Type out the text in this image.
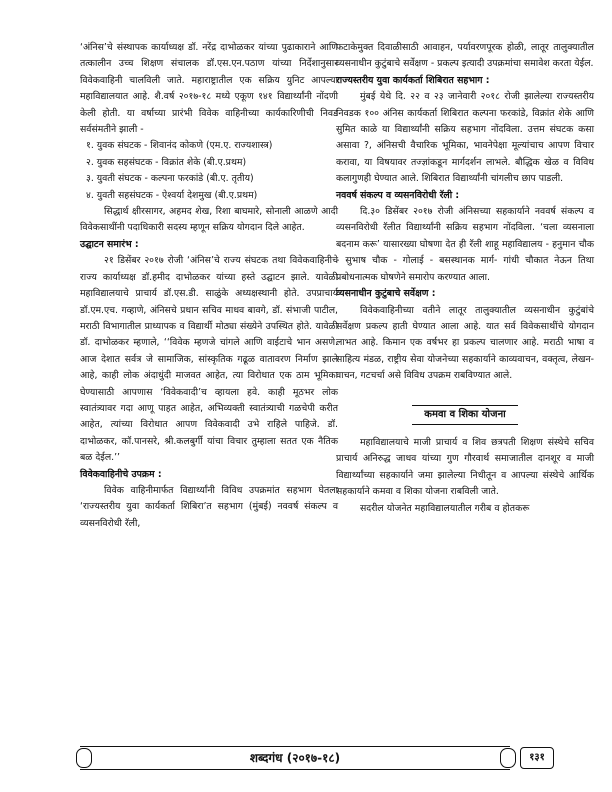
‘अंनिस’चे संस्थापक कार्याध्यक्ष डॉ. नरेंद्र दाभोळकर यांच्या पुढाकाराने आणि तत्कालीन उच्च शिक्षण संचालक डॉ.एस.एन.पठाण यांच्या निर्देशानुसार विवेकवाहिनी चालविली जाते. महाराष्ट्रातील एक सक्रिय युनिट आपल्या महाविद्यालयात आहे. शै.वर्ष २०१७-१८ मध्ये एकूण १४१ विद्यार्थ्यांनी नोंदणी केली होती. या वर्षाच्या प्रारंभी विवेक वाहिनीच्या कार्यकारिणीची निवड सर्वसंमतीने झाली -

१. युवक संघटक - शिवानंद कोकणे (एम.ए. राज्यशास्त्र)

२. युवक सहसंघटक - विक्रांत शेके (बी.ए.प्रथम)

३. युवती संघटक - कल्पना फरकांडे (बी.ए. तृतीय)

४. युवती सहसंघटक - ऐश्वर्या देशमुख (बी.ए.प्रथम)

सिद्धार्थ क्षीरसागर, अहमद शेख, रिशा बाघमारे, सोनाली आळणे आदी विवेकसाथींनी पदाधिकारी सदस्य म्हणून सक्रिय योगदान दिले आहेत.

उद्घाटन समारंभ :

२१ डिसेंबर २०१७ रोजी ‘अंनिस’चे राज्य संघटक तथा विवेकवाहिनीचे राज्य कार्याध्यक्ष डॉ.हमीद दाभोळकर यांच्या हस्ते उद्घाटन झाले. यावेळी महाविद्यालयाचे प्राचार्य डॉ.एस.डी. साळुंके अध्यक्षस्थानी होते. उपप्राचार्य डॉ.एम.एच. गव्हाणे, अंनिसचे प्रधान सचिव माधव बावगे, डॉ. संभाजी पाटील, मराठी विभागातील प्राध्यापक व विद्यार्थी मोठ्या संख्येने उपस्थित होते. यावेळी डॉ. दाभोळकर म्हणाले, ‘‘विवेक म्हणजे चांगले आणि वाईटाचे भान असणे. आज देशात सर्वत्र जे सामाजिक, सांस्कृतिक गढूळ वातावरण निर्माण झाले आहे, काही लोक अंदाधुंदी माजवत आहेत, त्या विरोधात एक ठाम भूमिका घेण्यासाठी आपणास ‘विवेकवादी’च व्हायला हवे. काही मूठभर लोक स्वातंत्र्यावर गदा आणू पाहत आहेत, अभिव्यक्ती स्वातंत्र्याची गळचेपी करीत आहेत, त्यांच्या विरोधात आपण विवेकवादी उभे राहिले पाहिजे. डॉ. दाभोळकर, कॉ.पानसरे, श्री.कलबुर्गी यांचा विचार तुम्हाला सतत एक नैतिक बळ देईल.’’

विवेकवाहिनीचे उपक्रम :

विवेक वाहिनीमार्फत विद्यार्थ्यांनी विविध उपक्रमांत सहभाग घेतला ‘राज्यस्तरीय युवा कार्यकर्ता शिबिरा’त सहभाग (मुंबई) नववर्ष संकल्प व व्यसनविरोधी रॅली,

फटाकेमुक्त दिवाळीसाठी आवाहन, पर्यावरणपूरक होळी, लातूर तालुक्यातील व्यसनाधीन कुटुंबाचे सर्वेक्षण - प्रकल्प इत्यादी उपक्रमांचा समावेश करता येईल.

राज्यस्तरीय युवा कार्यकर्ता शिबिरात सहभाग :

मुंबई येथे दि. २२ व २३ जानेवारी २०१८ रोजी झालेल्या राज्यस्तरीय निवडक १०० अंनिस कार्यकर्ता शिबिरात कल्पना फरकांडे, विक्रांत शेके आणि सुमित काळे या विद्यार्थ्यांनी सक्रिय सहभाग नोंदविला. उत्तम संघटक कसा असावा ?, अंनिसची वैचारिक भूमिका, भावनेपेक्षा मूल्यांचाच आपण विचार करावा, या विषयावर तज्ज्ञांकडून मार्गदर्शन लाभले. बौद्धिक खेळ व विविध कलागुणही घेण्यात आले. शिबिरात विद्यार्थ्यांनी चांगलीच छाप पाडली.

नववर्ष संकल्प व व्यसनविरोधी रॅली :

दि.३० डिसेंबर २०१७ रोजी अंनिसच्या सहकार्याने नववर्ष संकल्प व व्यसनविरोधी रॅलीत विद्यार्थ्यांनी सक्रिय सहभाग नोंदविला. ‘चला व्यसनाला बदनाम करू’ यासारख्या घोषणा देत ही रॅली शाहू महाविद्यालय - हनुमान चौक - सुभाष चौक - गोलाई - बसस्थानक मार्ग- गांधी चौकात नेऊन तिथा प्रबोधनात्मक घोषणेने समारोप करण्यात आला.

व्यसनाधीन कुटुंबाचे सर्वेक्षण :

विवेकवाहिनीच्या वतीने लातूर तालुक्यातील व्यसनाधीन कुटुंबांचे सर्वेक्षण प्रकल्प हाती घेण्यात आला आहे. यात सर्व विवेकसाथींचे योगदान लाभत आहे. किमान एक वर्षभर हा प्रकल्प चालणार आहे. मराठी भाषा व साहित्य मंडळ, राष्ट्रीय सेवा योजनेच्या सहकार्याने काव्यवाचन, वक्तृत्व, लेखन-वाचन, गटचर्चा असे विविध उपक्रम राबविण्यात आले.

कमवा व शिका योजना

महाविद्यालयाचे माजी प्राचार्य व शिव छत्रपती शिक्षण संस्थेचे सचिव प्राचार्य अनिरुद्ध जाधव यांच्या गुण गौरवार्थ समाजातील दानशूर व माजी विद्यार्थ्यांच्या सहकार्याने जमा झालेल्या निधीतून व आपल्या संस्थेचे आर्थिक सहकार्याने कमवा व शिका योजना राबविली जाते.

सदरील योजनेत महाविद्यालयातील गरीब व होतकरू

शब्दगंध (२०१७-१८)	१३१
